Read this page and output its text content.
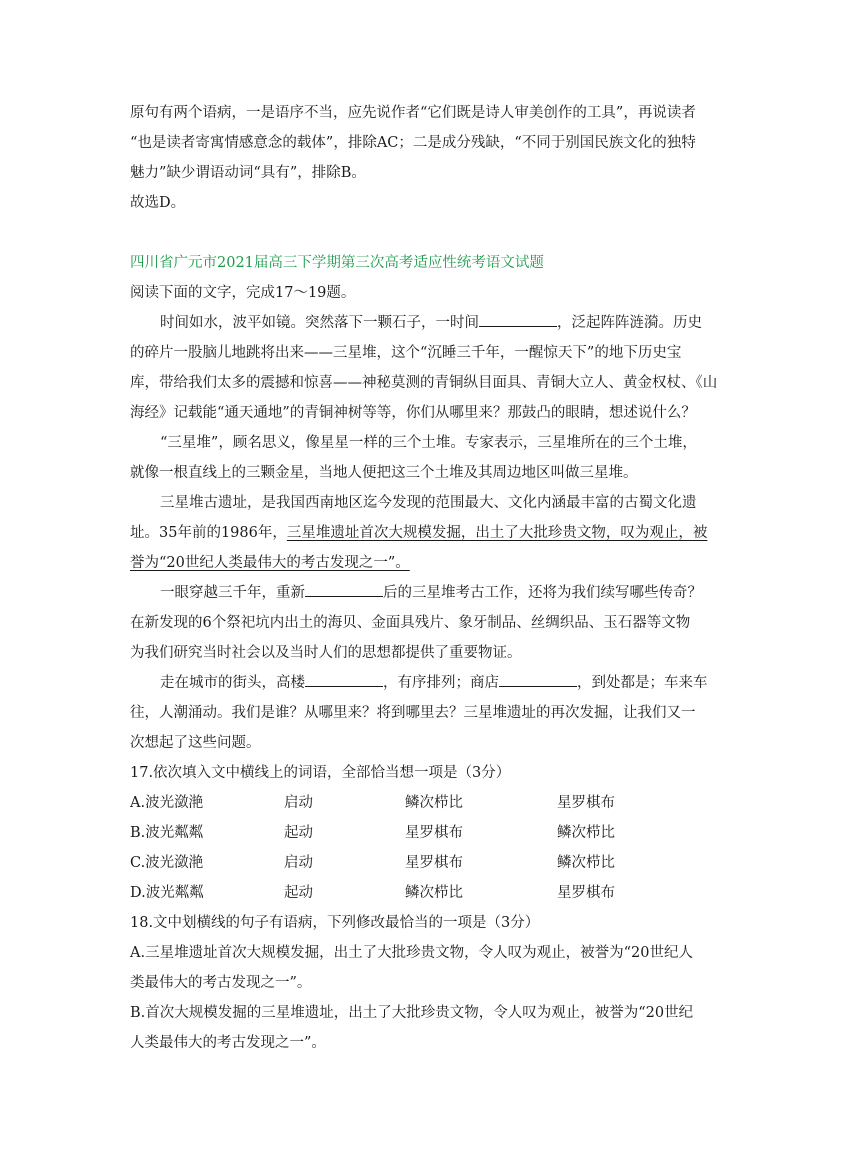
原句有两个语病，一是语序不当，应先说作者“它们既是诗人审美创作的工具”，再说读者
“也是读者寄寓情感意念的载体”，排除AC；二是成分残缺，“不同于别国民族文化的独特
魅力”缺少谓语动词“具有”，排除B。
故选D。
四川省广元市2021届高三下学期第三次高考适应性统考语文试题
阅读下面的文字，完成17～19题。
时间如水，波平如镜。突然落下一颗石子，一时间	，泛起阵阵涟漪。历史
的碎片一股脑儿地跳将出来——三星堆，这个“沉睡三千年，一醒惊天下”的地下历史宝
库，带给我们太多的震撼和惊喜——神秘莫测的青铜纵目面具、青铜大立人、黄金权杖、《山
海经》记载能“通天通地”的青铜神树等等，你们从哪里来？那鼓凸的眼睛，想述说什么？
“三星堆”，顾名思义，像星星一样的三个土堆。专家表示，三星堆所在的三个土堆，
就像一根直线上的三颗金星，当地人便把这三个土堆及其周边地区叫做三星堆。
三星堆古遗址，是我国西南地区迄今发现的范围最大、文化内涵最丰富的古蜀文化遗
址。35年前的1986年，三星堆遗址首次大规模发掘，出土了大批珍贵文物，叹为观止，被
誉为“20世纪人类最伟大的考古发现之一”。
一眼穿越三千年，重新	后的三星堆考古工作，还将为我们续写哪些传奇？
在新发现的6个祭祀坑内出土的海贝、金面具残片、象牙制品、丝绸织品、玉石器等文物
为我们研究当时社会以及当时人们的思想都提供了重要物证。
走在城市的街头，高楼	，有序排列；商店	，到处都是；车来车
往，人潮涌动。我们是谁？从哪里来？将到哪里去？三星堆遗址的再次发掘，让我们又一
次想起了这些问题。
17.依次填入文中横线上的词语，全部恰当想一项是（3分）
A.波光潋滟	启动	鳞次栉比	星罗棋布
B.波光粼粼	起动	星罗棋布	鳞次栉比
C.波光潋滟	启动	星罗棋布	鳞次栉比
D.波光粼粼	起动	鳞次栉比	星罗棋布
18.文中划横线的句子有语病，下列修改最恰当的一项是（3分）
A.三星堆遗址首次大规模发掘，出土了大批珍贵文物，令人叹为观止，被誉为“20世纪人
类最伟大的考古发现之一”。
B.首次大规模发掘的三星堆遗址，出土了大批珍贵文物，令人叹为观止，被誉为“20世纪
人类最伟大的考古发现之一”。
